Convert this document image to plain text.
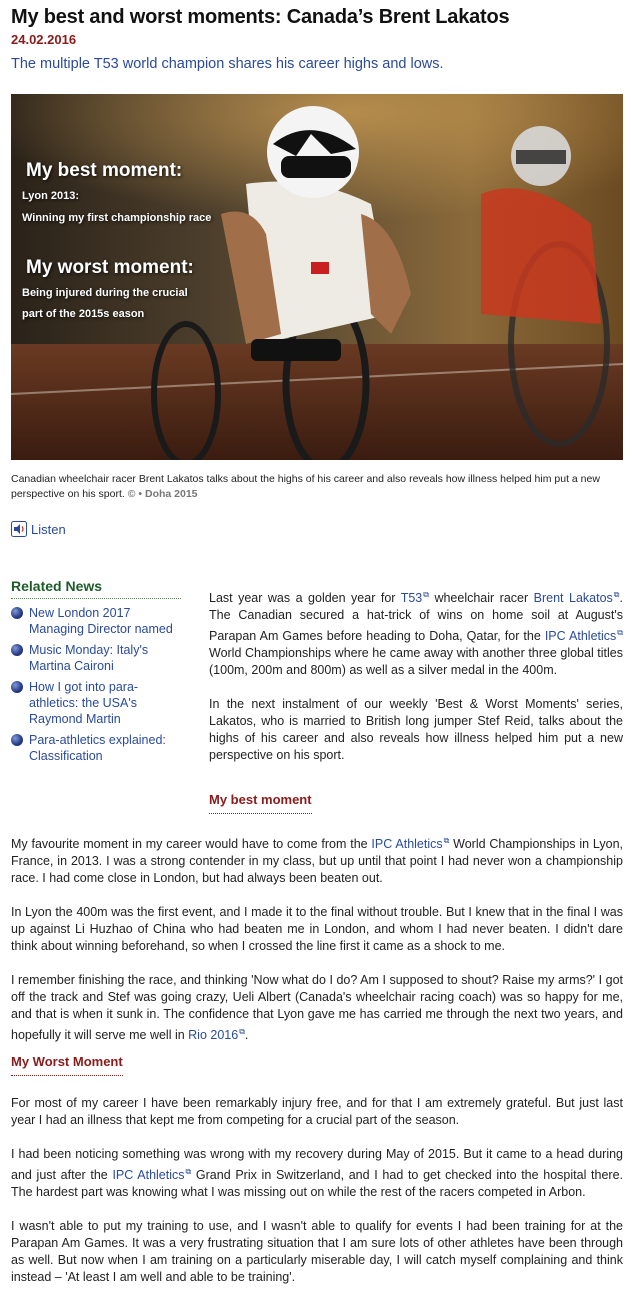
My best and worst moments: Canada’s Brent Lakatos
24.02.2016
The multiple T53 world champion shares his career highs and lows.
My best moment:
Lyon 2013:
Winning my first championship race
My worst moment:
Being injured during the crucial
part of the 2015s eason
Canadian wheelchair racer Brent Lakatos talks about the highs of his career and also reveals how illness helped him put a new perspective on his sport. © • Doha 2015
Listen
Related News
New London 2017 Managing Director named
Music Monday: Italy's Martina Caironi
How I got into para-athletics: the USA's Raymond Martin
Para-athletics explained: Classification

Last year was a golden year for T53⧉ wheelchair racer Brent Lakatos⧉. The Canadian secured a hat-trick of wins on home soil at August's Parapan Am Games before heading to Doha, Qatar, for the IPC Athletics⧉ World Championships where he came away with another three global titles (100m, 200m and 800m) as well as a silver medal in the 400m.

In the next instalment of our weekly 'Best & Worst Moments' series, Lakatos, who is married to British long jumper Stef Reid, talks about the highs of his career and also reveals how illness helped him put a new perspective on his sport.

My best moment

My favourite moment in my career would have to come from the IPC Athletics⧉ World Championships in Lyon, France, in 2013. I was a strong contender in my class, but up until that point I had never won a championship race. I had come close in London, but had always been beaten out.

In Lyon the 400m was the first event, and I made it to the final without trouble. But I knew that in the final I was up against Li Huzhao of China who had beaten me in London, and whom I had never beaten. I didn't dare think about winning beforehand, so when I crossed the line first it came as a shock to me.

I remember finishing the race, and thinking 'Now what do I do? Am I supposed to shout? Raise my arms?' I got off the track and Stef was going crazy, Ueli Albert (Canada's wheelchair racing coach) was so happy for me, and that is when it sunk in. The confidence that Lyon gave me has carried me through the next two years, and hopefully it will serve me well in Rio 2016⧉.

My Worst Moment

For most of my career I have been remarkably injury free, and for that I am extremely grateful. But just last year I had an illness that kept me from competing for a crucial part of the season.

I had been noticing something was wrong with my recovery during May of 2015. But it came to a head during and just after the IPC Athletics⧉ Grand Prix in Switzerland, and I had to get checked into the hospital there. The hardest part was knowing what I was missing out on while the rest of the racers competed in Arbon.

I wasn't able to put my training to use, and I wasn't able to qualify for events I had been training for at the Parapan Am Games. It was a very frustrating situation that I am sure lots of other athletes have been through as well. But now when I am training on a particularly miserable day, I will catch myself complaining and think instead – 'At least I am well and able to be training'.
